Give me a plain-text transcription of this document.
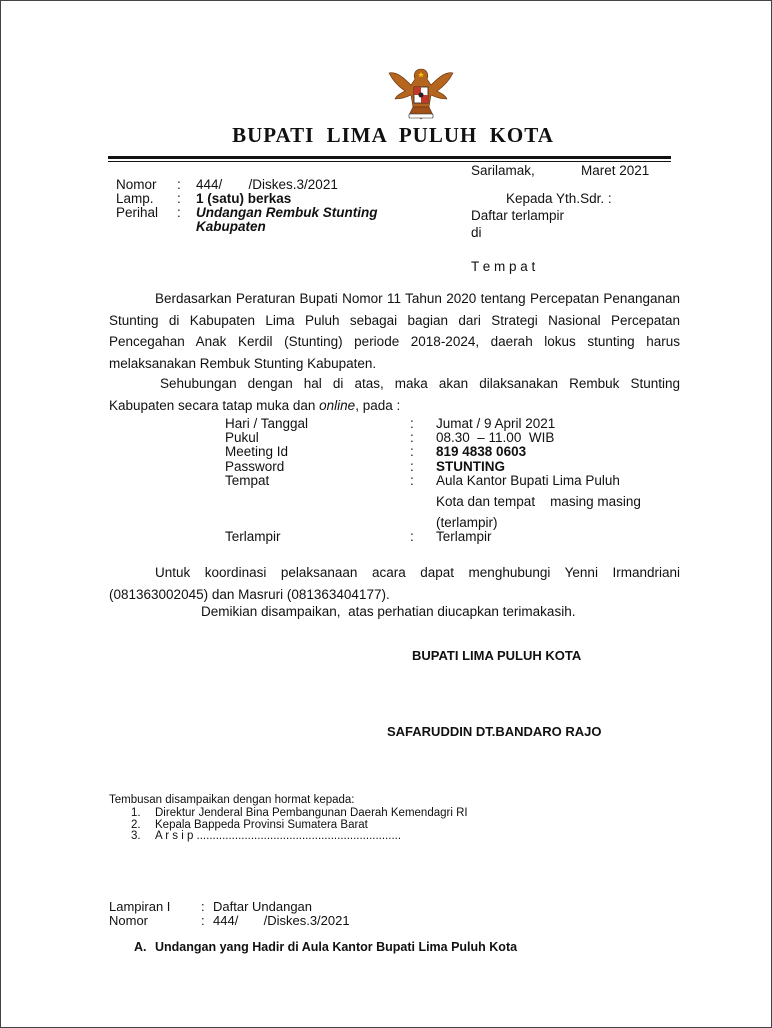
BUPATI LIMA PULUH KOTA
Sarilamak,	Maret 2021
Nomor : 444/       /Diskes.3/2021
Lamp. : 1 (satu) berkas
Perihal : Undangan Rembuk Stunting
Kabupaten
Kepada Yth.Sdr. :
Daftar terlampir
di
T e m p a t
Berdasarkan Peraturan Bupati Nomor 11 Tahun 2020 tentang Percepatan Penanganan Stunting di Kabupaten Lima Puluh sebagai bagian dari Strategi Nasional Percepatan Pencegahan Anak Kerdil (Stunting) periode 2018-2024, daerah lokus stunting harus melaksanakan Rembuk Stunting Kabupaten.
Sehubungan dengan hal di atas, maka akan dilaksanakan Rembuk Stunting Kabupaten secara tatap muka dan online, pada :
Hari / Tanggal	: Jumat / 9 April 2021
Pukul	: 08.30  – 11.00  WIB
Meeting Id	: 819 4838 0603
Password	: STUNTING
Tempat	: Aula Kantor Bupati Lima Puluh
Kota dan tempat    masing masing
(terlampir)
Terlampir	: Terlampir
Untuk koordinasi pelaksanaan acara dapat menghubungi Yenni Irmandriani (081363002045) dan Masruri (081363404177).
Demikian disampaikan,  atas perhatian diucapkan terimakasih.
BUPATI LIMA PULUH KOTA
SAFARUDDIN DT.BANDARO RAJO
Tembusan disampaikan dengan hormat kepada:
1. Direktur Jenderal Bina Pembangunan Daerah Kemendagri RI
2. Kepala Bappeda Provinsi Sumatera Barat
3. A r s i p ................................................................
Lampiran I : Daftar Undangan
Nomor	: 444/       /Diskes.3/2021
A. Undangan yang Hadir di Aula Kantor Bupati Lima Puluh Kota
